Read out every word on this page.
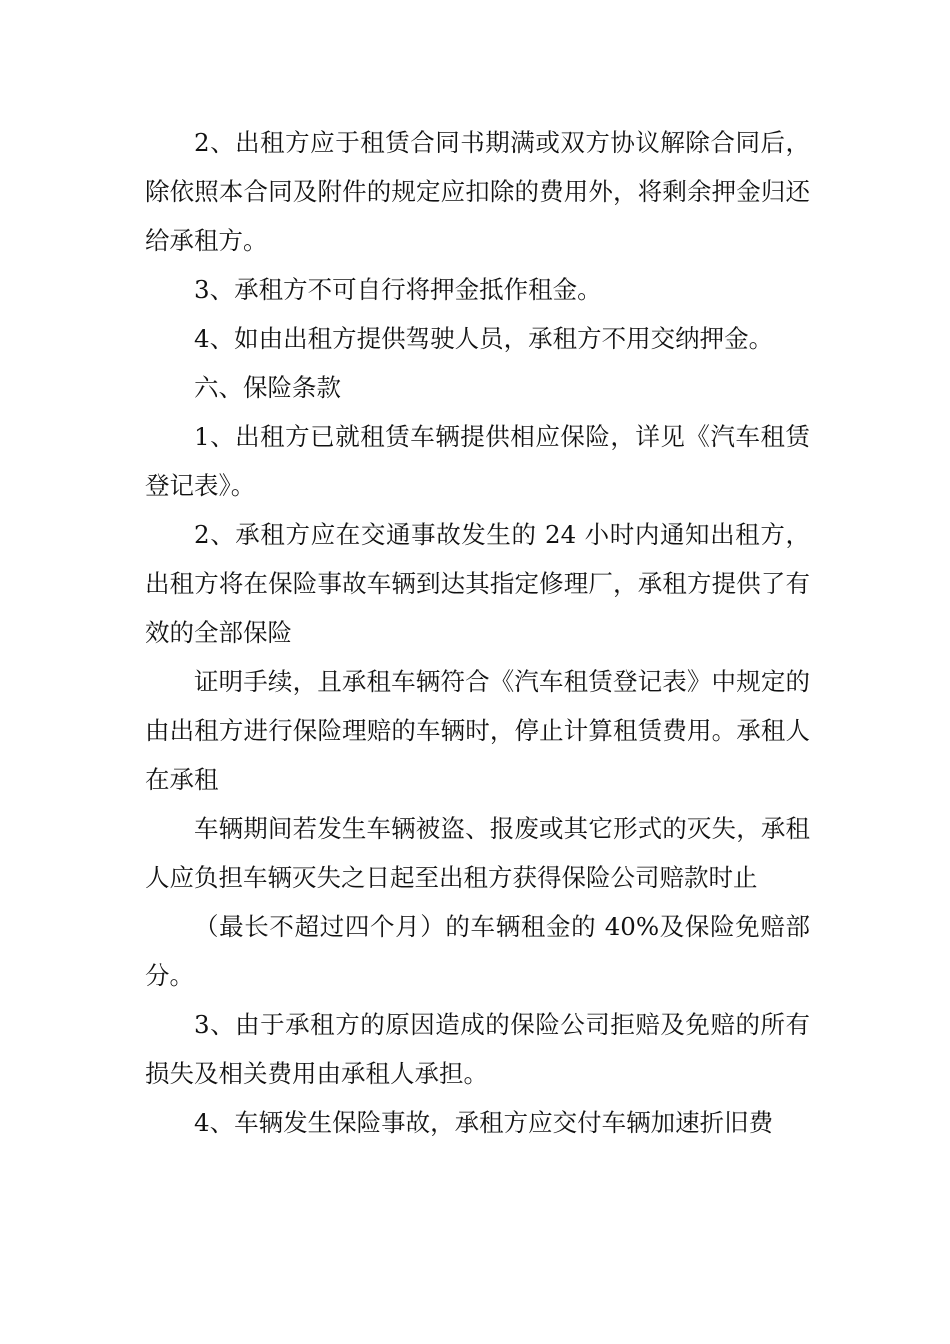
2、出租方应于租赁合同书期满或双方协议解除合同后，除依照本合同及附件的规定应扣除的费用外，将剩余押金归还给承租方。

3、承租方不可自行将押金抵作租金。

4、如由出租方提供驾驶人员，承租方不用交纳押金。

六、保险条款

1、出租方已就租赁车辆提供相应保险，详见《汽车租赁登记表》。

2、承租方应在交通事故发生的 24 小时内通知出租方，出租方将在保险事故车辆到达其指定修理厂，承租方提供了有效的全部保险

证明手续，且承租车辆符合《汽车租赁登记表》中规定的由出租方进行保险理赔的车辆时，停止计算租赁费用。承租人在承租

车辆期间若发生车辆被盗、报废或其它形式的灭失，承租人应负担车辆灭失之日起至出租方获得保险公司赔款时止

（最长不超过四个月）的车辆租金的 40%及保险免赔部分。

3、由于承租方的原因造成的保险公司拒赔及免赔的所有损失及相关费用由承租人承担。

4、车辆发生保险事故，承租方应交付车辆加速折旧费
